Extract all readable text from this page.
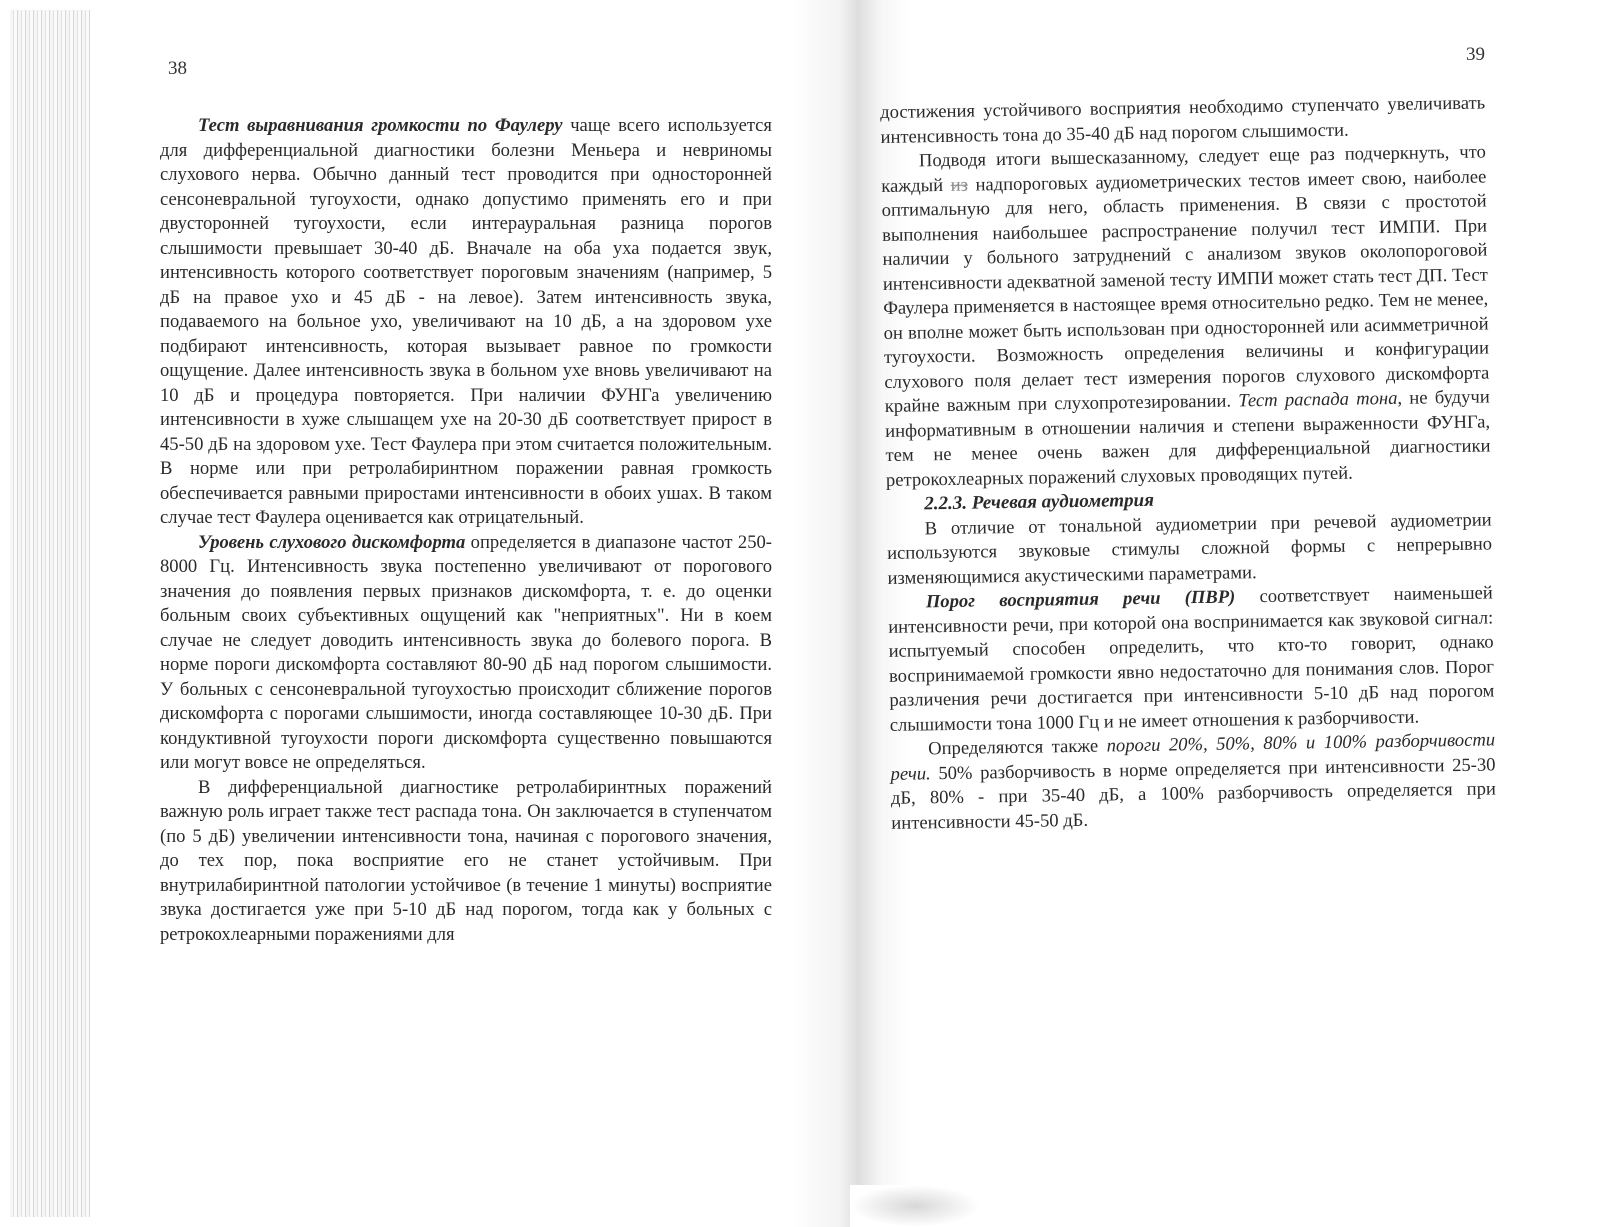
38

Тест выравнивания громкости по Фаулеру чаще всего используется для дифференциальной диагностики болезни Меньера и невриномы слухового нерва. Обычно данный тест проводится при односторонней сенсоневральной тугоухости, однако допустимо применять его и при двусторонней тугоухости, если интерауральная разница порогов слышимости превышает 30-40 дБ. Вначале на оба уха подается звук, интенсивность которого соответствует пороговым значениям (например, 5 дБ на правое ухо и 45 дБ - на левое). Затем интенсивность звука, подаваемого на больное ухо, увеличивают на 10 дБ, а на здоровом ухе подбирают интенсивность, которая вызывает равное по громкости ощущение. Далее интенсивность звука в больном ухе вновь увеличивают на 10 дБ и процедура повторяется. При наличии ФУНГа увеличению интенсивности в хуже слышащем ухе на 20-30 дБ соответствует прирост в 45-50 дБ на здоровом ухе. Тест Фаулера при этом считается положительным. В норме или при ретролабиринтном поражении равная громкость обеспечивается равными приростами интенсивности в обоих ушах. В таком случае тест Фаулера оценивается как отрицательный.

Уровень слухового дискомфорта определяется в диапазоне частот 250-8000 Гц. Интенсивность звука постепенно увеличивают от порогового значения до появления первых признаков дискомфорта, т. е. до оценки больным своих субъективных ощущений как "неприятных". Ни в коем случае не следует доводить интенсивность звука до болевого порога. В норме пороги дискомфорта составляют 80-90 дБ над порогом слышимости. У больных с сенсоневральной тугоухостью происходит сближение порогов дискомфорта с порогами слышимости, иногда составляющее 10-30 дБ. При кондуктивной тугоухости пороги дискомфорта существенно повышаются или могут вовсе не определяться.

В дифференциальной диагностике ретролабиринтных поражений важную роль играет также тест распада тона. Он заключается в ступенчатом (по 5 дБ) увеличении интенсивности тона, начиная с порогового значения, до тех пор, пока восприятие его не станет устойчивым. При внутрилабиринтной патологии устойчивое (в течение 1 минуты) восприятие звука достигается уже при 5-10 дБ над порогом, тогда как у больных с ретрокохлеарными поражениями для

39

достижения устойчивого восприятия необходимо ступенчато увеличивать интенсивность тона до 35-40 дБ над порогом слышимости.

Подводя итоги вышесказанному, следует еще раз подчеркнуть, что каждый из надпороговых аудиометрических тестов имеет свою, наиболее оптимальную для него, область применения. В связи с простотой выполнения наибольшее распространение получил тест ИМПИ. При наличии у больного затруднений с анализом звуков околопороговой интенсивности адекватной заменой тесту ИМПИ может стать тест ДП. Тест Фаулера применяется в настоящее время относительно редко. Тем не менее, он вполне может быть использован при односторонней или асимметричной тугоухости. Возможность определения величины и конфигурации слухового поля делает тест измерения порогов слухового дискомфорта крайне важным при слухопротезировании. Тест распада тона, не будучи информативным в отношении наличия и степени выраженности ФУНГа, тем не менее очень важен для дифференциальной диагностики ретрокохлеарных поражений слуховых проводящих путей.

2.2.3. Речевая аудиометрия

В отличие от тональной аудиометрии при речевой аудиометрии используются звуковые стимулы сложной формы с непрерывно изменяющимися акустическими параметрами.

Порог восприятия речи (ПВР) соответствует наименьшей интенсивности речи, при которой она воспринимается как звуковой сигнал: испытуемый способен определить, что кто-то говорит, однако воспринимаемой громкости явно недостаточно для понимания слов. Порог различения речи достигается при интенсивности 5-10 дБ над порогом слышимости тона 1000 Гц и не имеет отношения к разборчивости.

Определяются также пороги 20%, 50%, 80% и 100% разборчивости речи. 50% разборчивость в норме определяется при интенсивности 25-30 дБ, 80% - при 35-40 дБ, а 100% разборчивость определяется при интенсивности 45-50 дБ.
